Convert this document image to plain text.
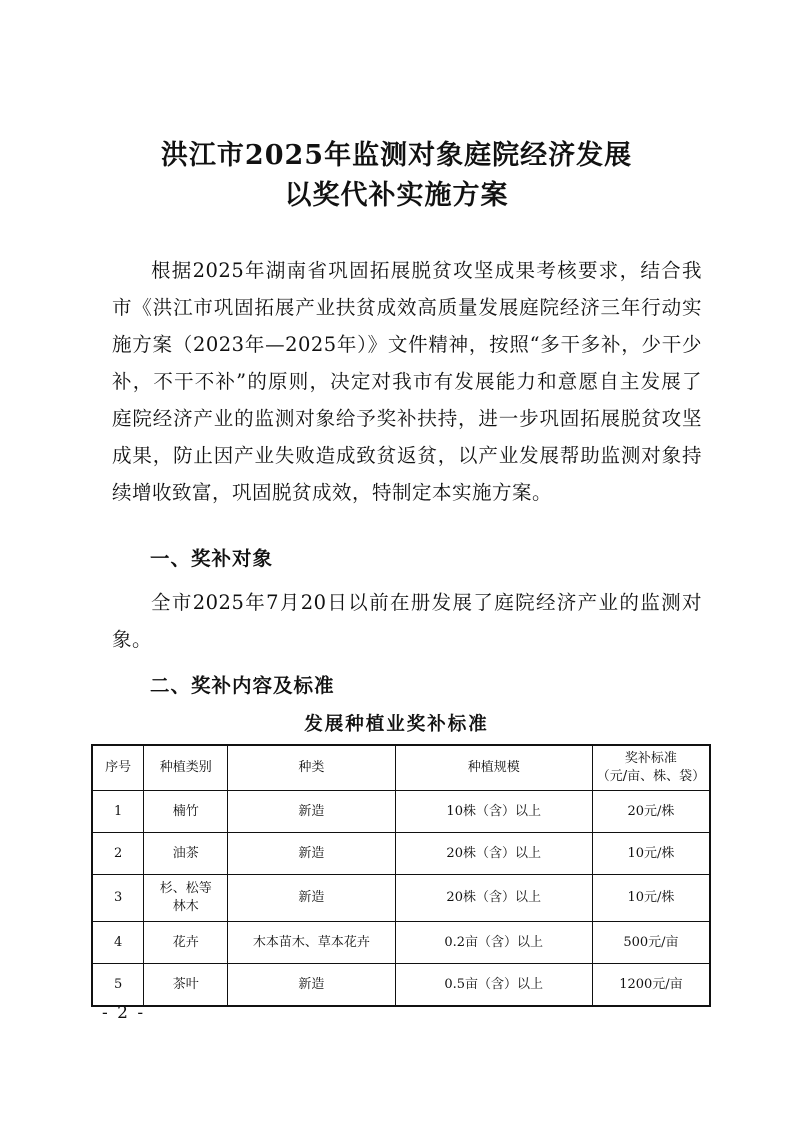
洪江市2025年监测对象庭院经济发展
以奖代补实施方案
根据2025年湖南省巩固拓展脱贫攻坚成果考核要求，结合我市《洪江市巩固拓展产业扶贫成效高质量发展庭院经济三年行动实施方案（2023年—2025年）》文件精神，按照“多干多补，少干少补，不干不补”的原则，决定对我市有发展能力和意愿自主发展了庭院经济产业的监测对象给予奖补扶持，进一步巩固拓展脱贫攻坚成果，防止因产业失败造成致贫返贫，以产业发展帮助监测对象持续增收致富，巩固脱贫成效，特制定本实施方案。
一、奖补对象
全市2025年7月20日以前在册发展了庭院经济产业的监测对象。
二、奖补内容及标准
发展种植业奖补标准
序号	种植类别	种类	种植规模	奖补标准
（元/亩、株、袋）

1	楠竹	新造	10株（含）以上	20元/株
2	油茶	新造	20株（含）以上	10元/株
3	杉、松等林木	新造	20株（含）以上	10元/株
4	花卉	木本苗木、草本花卉	0.2亩（含）以上	500元/亩
5	茶叶	新造	0.5亩（含）以上	1200元/亩
- 2 -
